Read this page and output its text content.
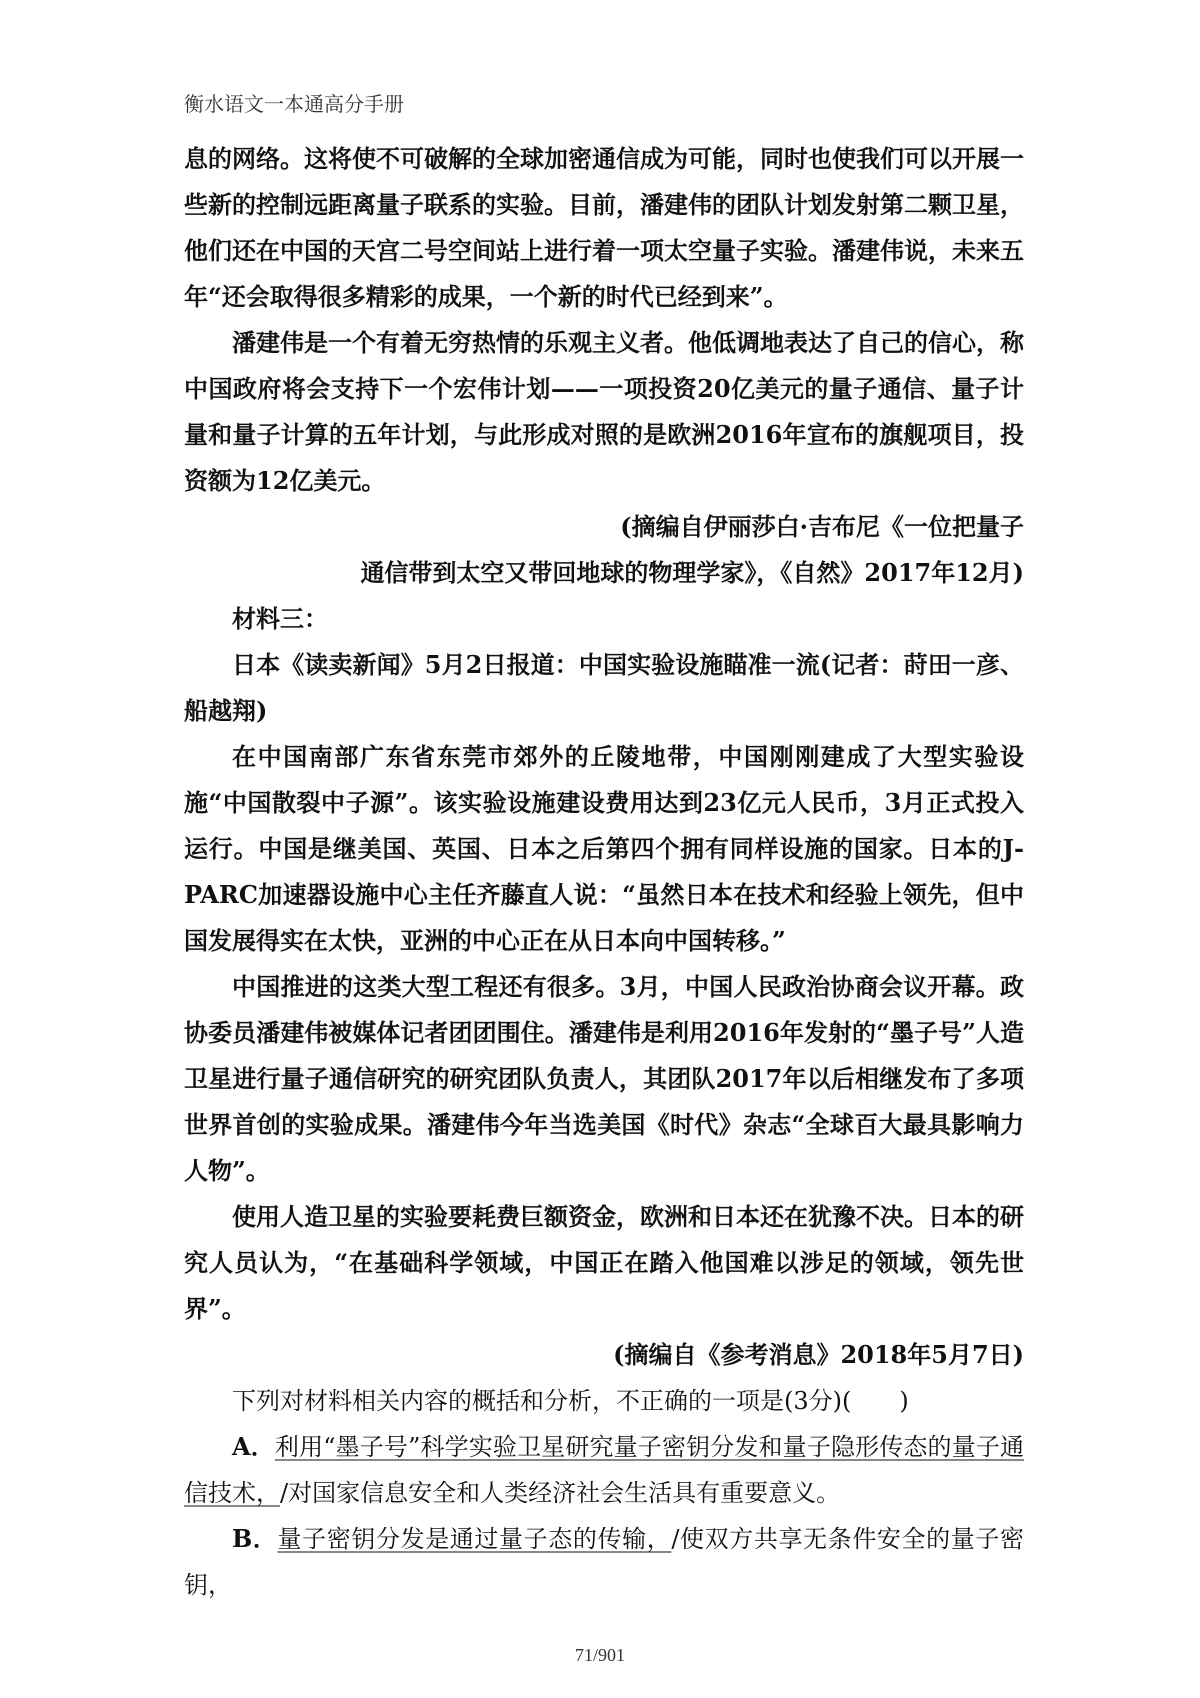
衡水语文一本通高分手册

息的网络。这将使不可破解的全球加密通信成为可能，同时也使我们可以开展一些新的控制远距离量子联系的实验。目前，潘建伟的团队计划发射第二颗卫星，他们还在中国的天宫二号空间站上进行着一项太空量子实验。潘建伟说，未来五年“还会取得很多精彩的成果，一个新的时代已经到来”。

潘建伟是一个有着无穷热情的乐观主义者。他低调地表达了自己的信心，称中国政府将会支持下一个宏伟计划——一项投资20亿美元的量子通信、量子计量和量子计算的五年计划，与此形成对照的是欧洲2016年宣布的旗舰项目，投资额为12亿美元。

(摘编自伊丽莎白·吉布尼《一位把量子

通信带到太空又带回地球的物理学家》，《自然》2017年12月)

材料三：

日本《读卖新闻》5月2日报道：中国实验设施瞄准一流(记者：莳田一彦、船越翔)

在中国南部广东省东莞市郊外的丘陵地带，中国刚刚建成了大型实验设施“中国散裂中子源”。该实验设施建设费用达到23亿元人民币，3月正式投入运行。中国是继美国、英国、日本之后第四个拥有同样设施的国家。日本的J-PARC加速器设施中心主任齐藤直人说：“虽然日本在技术和经验上领先，但中国发展得实在太快，亚洲的中心正在从日本向中国转移。”

中国推进的这类大型工程还有很多。3月，中国人民政治协商会议开幕。政协委员潘建伟被媒体记者团团围住。潘建伟是利用2016年发射的“墨子号”人造卫星进行量子通信研究的研究团队负责人，其团队2017年以后相继发布了多项世界首创的实验成果。潘建伟今年当选美国《时代》杂志“全球百大最具影响力人物”。

使用人造卫星的实验要耗费巨额资金，欧洲和日本还在犹豫不决。日本的研究人员认为，“在基础科学领域，中国正在踏入他国难以涉足的领域，领先世界”。

(摘编自《参考消息》2018年5月7日)

下列对材料相关内容的概括和分析，不正确的一项是(3分)(　　)

A．利用“墨子号”科学实验卫星研究量子密钥分发和量子隐形传态的量子通信技术，/对国家信息安全和人类经济社会生活具有重要意义。

B．量子密钥分发是通过量子态的传输，/使双方共享无条件安全的量子密钥，

71/901
